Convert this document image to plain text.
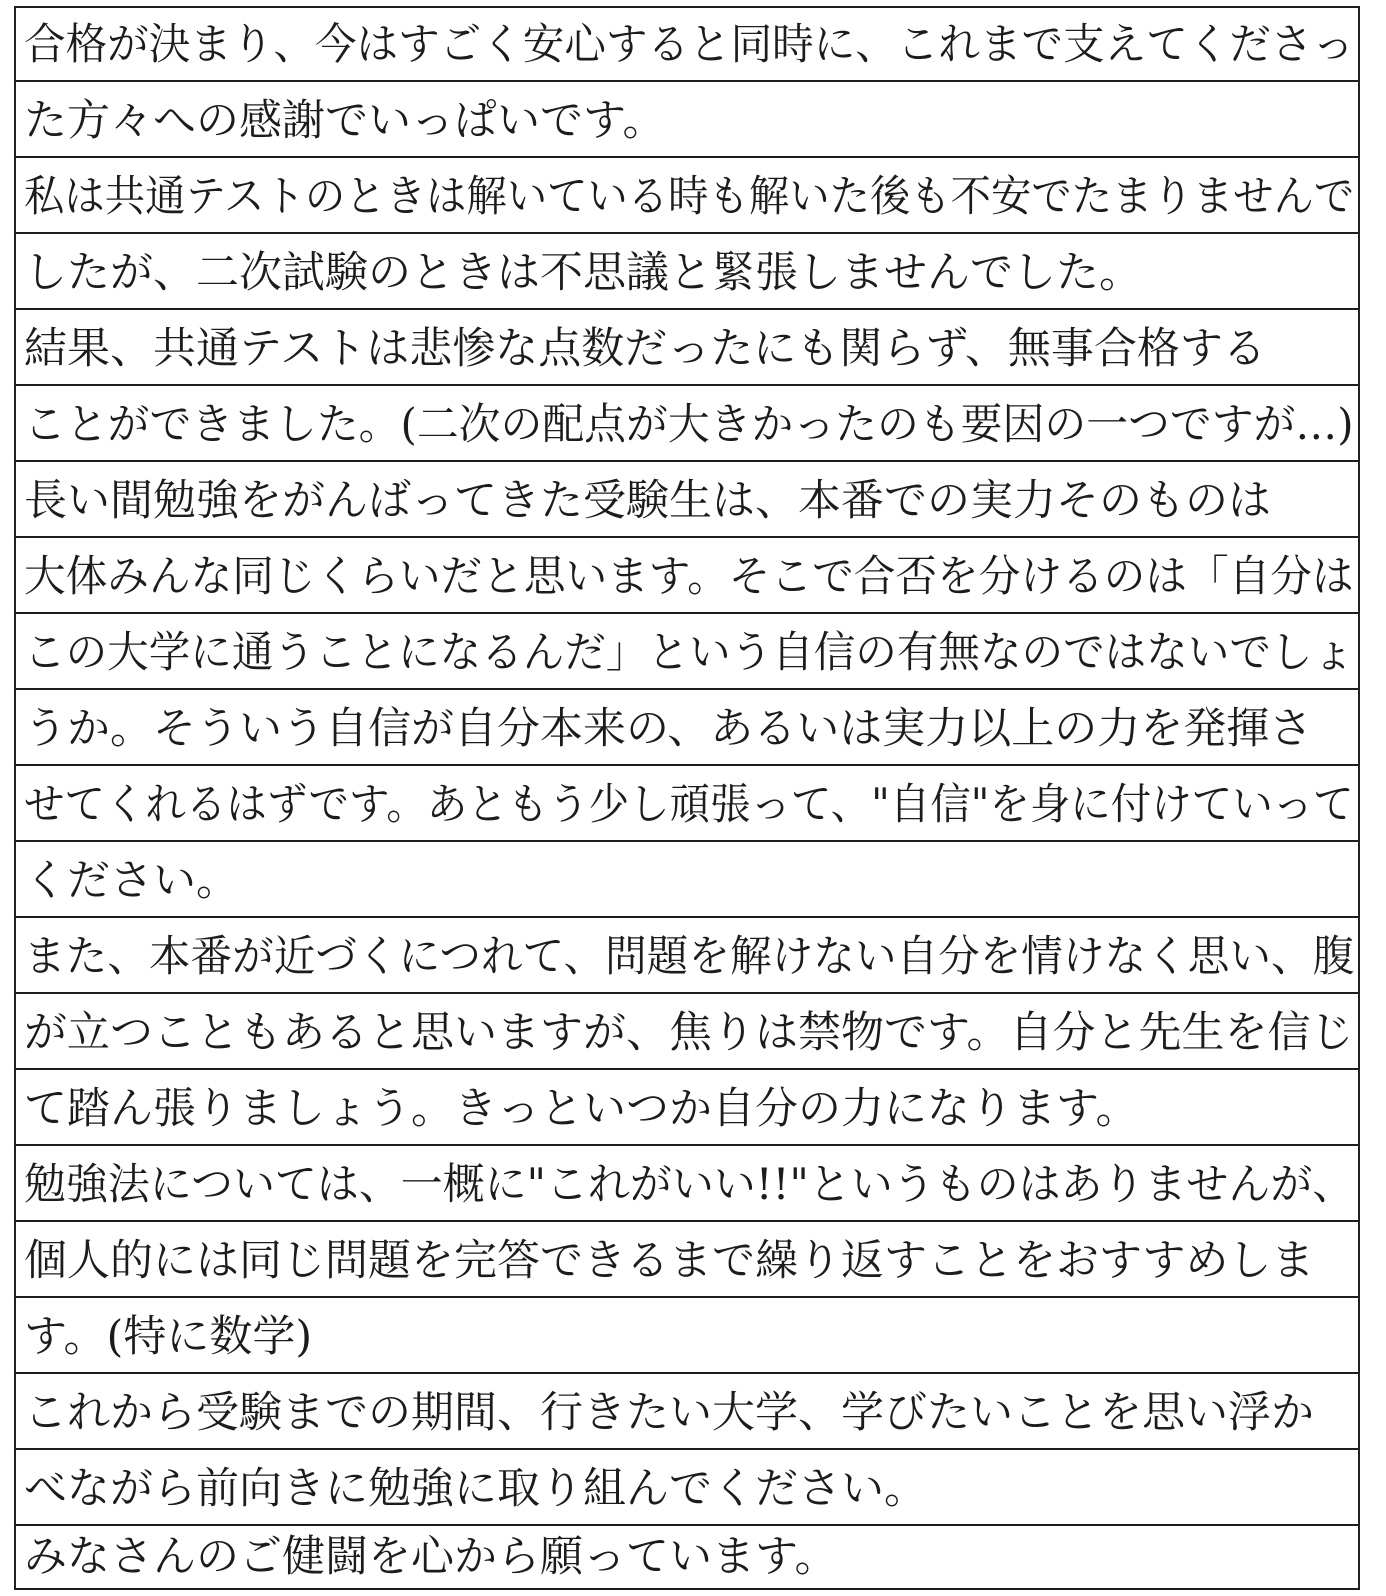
合格が決まり、今はすごく安心すると同時に、これまで支えてくださっ
た方々への感謝でいっぱいです。
私は共通テストのときは解いている時も解いた後も不安でたまりませんで
したが、二次試験のときは不思議と緊張しませんでした。
結果、共通テストは悲惨な点数だったにも関らず、無事合格する
ことができました。(二次の配点が大きかったのも要因の一つですが…)
長い間勉強をがんばってきた受験生は、本番での実力そのものは
大体みんな同じくらいだと思います。そこで合否を分けるのは「自分は
この大学に通うことになるんだ」という自信の有無なのではないでしょ
うか。そういう自信が自分本来の、あるいは実力以上の力を発揮さ
せてくれるはずです。あともう少し頑張って、"自信"を身に付けていって
ください。
また、本番が近づくにつれて、問題を解けない自分を情けなく思い、腹
が立つこともあると思いますが、焦りは禁物です。自分と先生を信じ
て踏ん張りましょう。きっといつか自分の力になります。
勉強法については、一概に"これがいい!!"というものはありませんが、
個人的には同じ問題を完答できるまで繰り返すことをおすすめしま
す。(特に数学)
これから受験までの期間、行きたい大学、学びたいことを思い浮か
べながら前向きに勉強に取り組んでください。
みなさんのご健闘を心から願っています。
